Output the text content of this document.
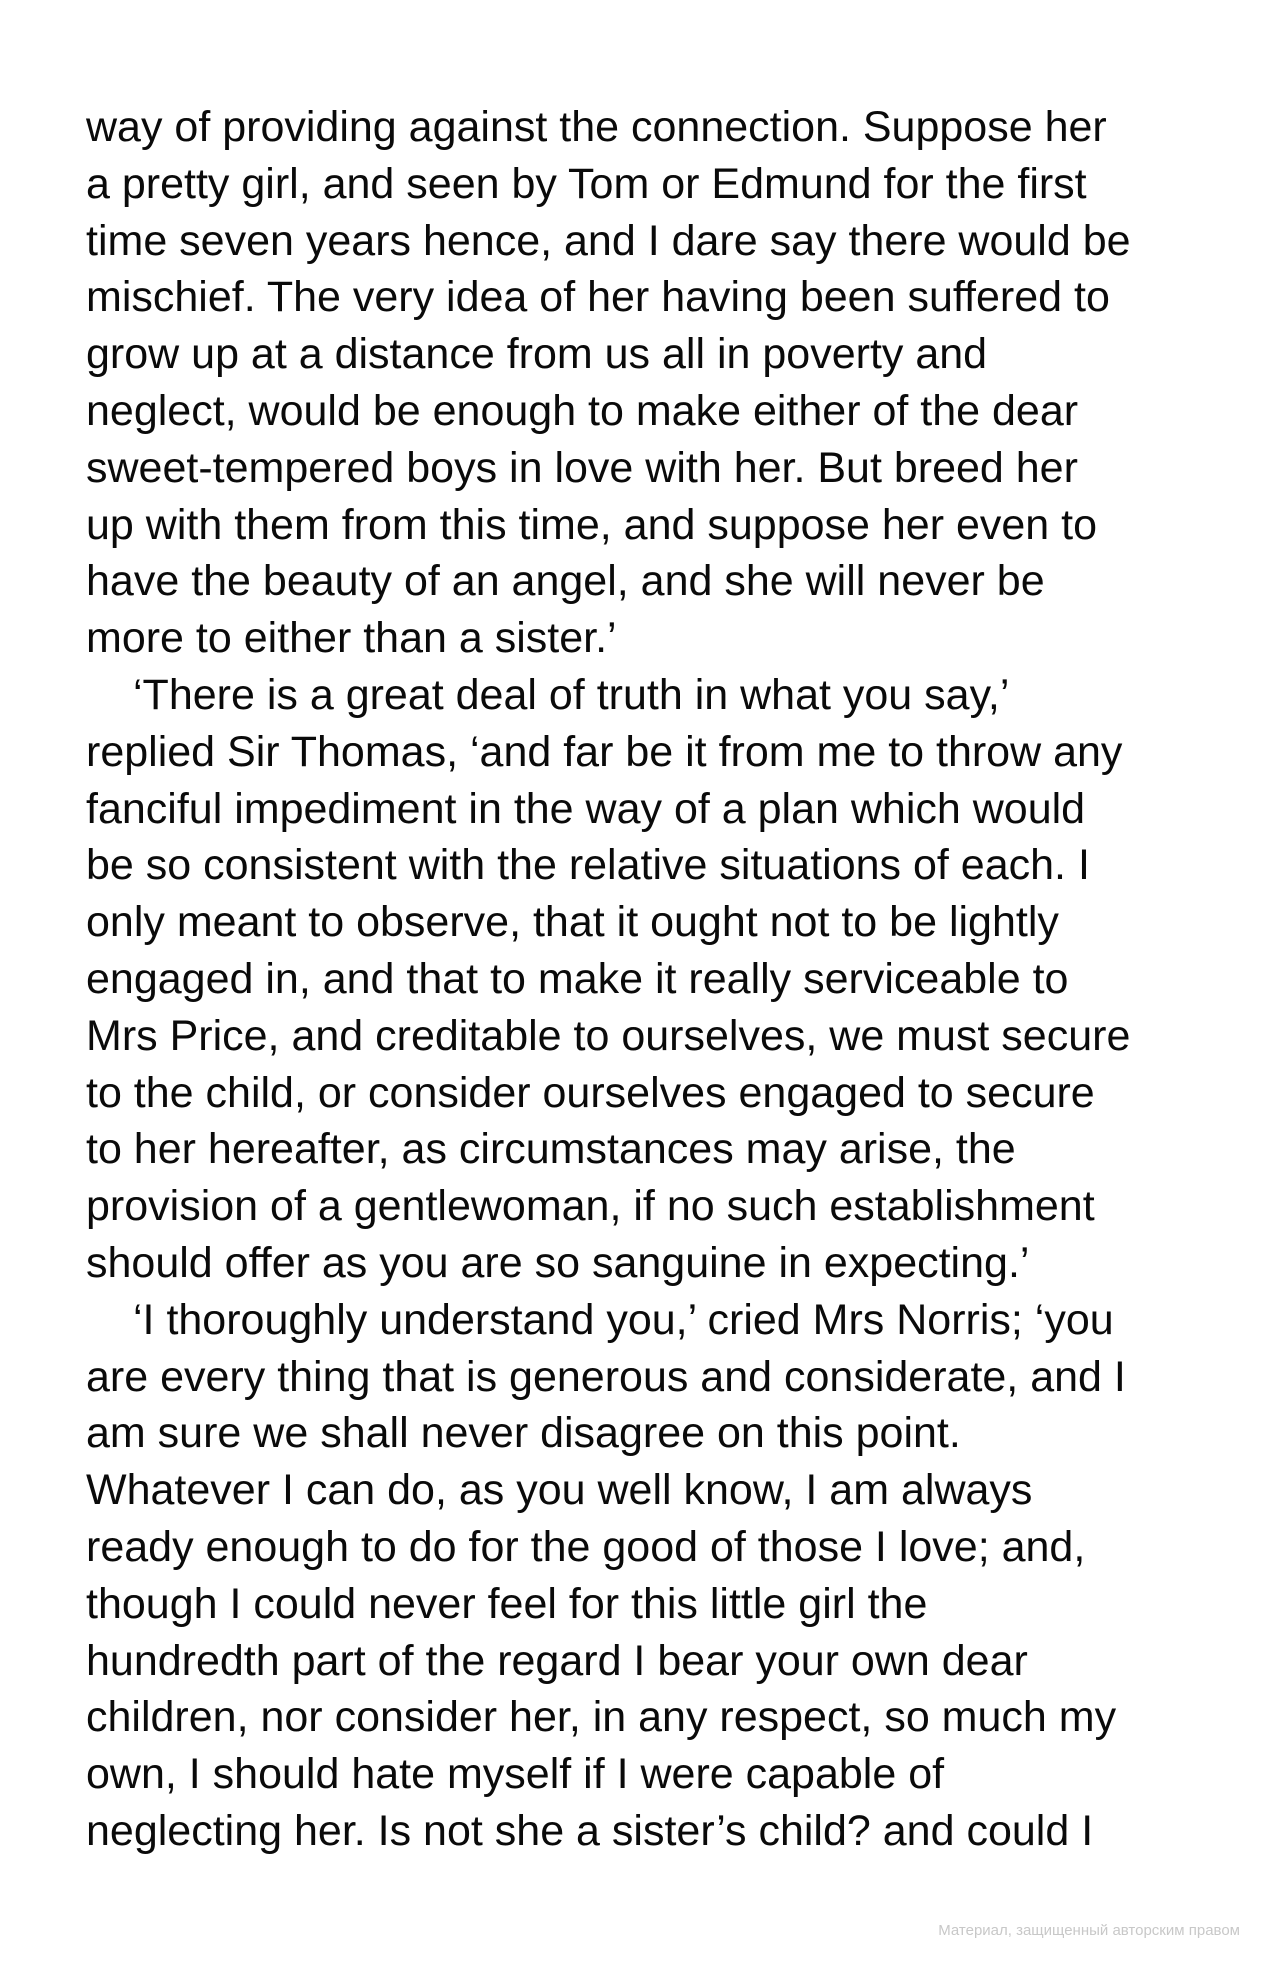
way of providing against the connection. Suppose her
a pretty girl, and seen by Tom or Edmund for the first
time seven years hence, and I dare say there would be
mischief. The very idea of her having been suffered to
grow up at a distance from us all in poverty and
neglect, would be enough to make either of the dear
sweet-tempered boys in love with her. But breed her
up with them from this time, and suppose her even to
have the beauty of an angel, and she will never be
more to either than a sister.’
‘There is a great deal of truth in what you say,’
replied Sir Thomas, ‘and far be it from me to throw any
fanciful impediment in the way of a plan which would
be so consistent with the relative situations of each. I
only meant to observe, that it ought not to be lightly
engaged in, and that to make it really serviceable to
Mrs Price, and creditable to ourselves, we must secure
to the child, or consider ourselves engaged to secure
to her hereafter, as circumstances may arise, the
provision of a gentlewoman, if no such establishment
should offer as you are so sanguine in expecting.’
‘I thoroughly understand you,’ cried Mrs Norris; ‘you
are every thing that is generous and considerate, and I
am sure we shall never disagree on this point.
Whatever I can do, as you well know, I am always
ready enough to do for the good of those I love; and,
though I could never feel for this little girl the
hundredth part of the regard I bear your own dear
children, nor consider her, in any respect, so much my
own, I should hate myself if I were capable of
neglecting her. Is not she a sister’s child? and could I
Материал, защищенный авторским правом
